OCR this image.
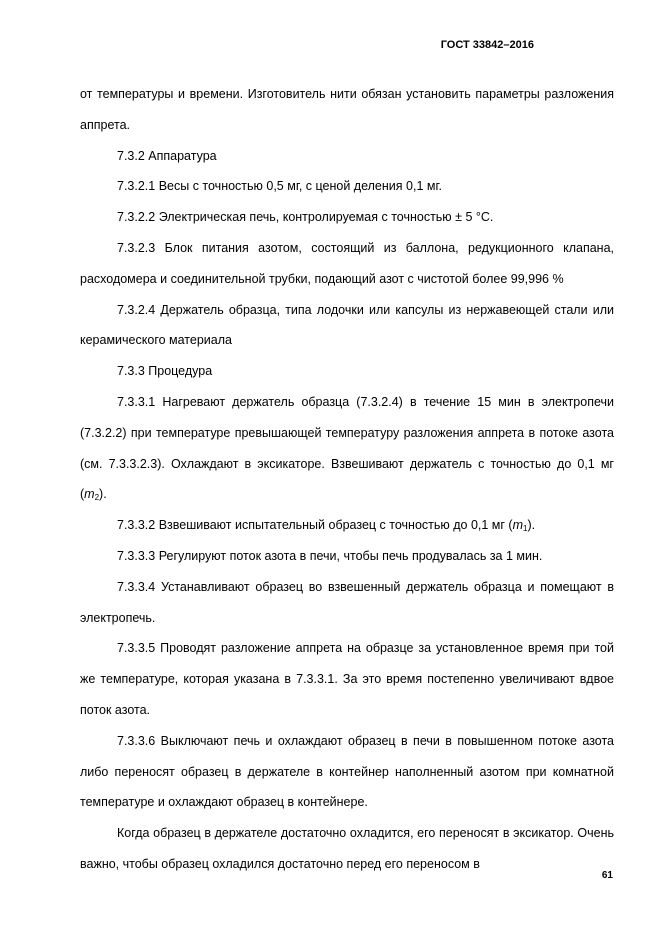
ГОСТ 33842–2016

от температуры и времени. Изготовитель нити обязан установить параметры разложения аппрета.

7.3.2 Аппаратура

7.3.2.1 Весы с точностью 0,5 мг, с ценой деления 0,1 мг.

7.3.2.2 Электрическая печь, контролируемая с точностью ± 5 °С.

7.3.2.3 Блок питания азотом, состоящий из баллона, редукционного клапана, расходомера и соединительной трубки, подающий азот с чистотой более 99,996 %

7.3.2.4 Держатель образца, типа лодочки или капсулы из нержавеющей стали или керамического материала

7.3.3 Процедура

7.3.3.1 Нагревают держатель образца (7.3.2.4) в течение 15 мин в электропечи (7.3.2.2) при температуре превышающей температуру разложения аппрета в потоке азота (см. 7.3.3.2.3). Охлаждают в эксикаторе. Взвешивают держатель с точностью до 0,1 мг $(m_2)$.

7.3.3.2 Взвешивают испытательный образец с точностью до 0,1 мг $(m_1)$.

7.3.3.3 Регулируют поток азота в печи, чтобы печь продувалась за 1 мин.

7.3.3.4 Устанавливают образец во взвешенный держатель образца и помещают в электропечь.

7.3.3.5 Проводят разложение аппрета на образце за установленное время при той же температуре, которая указана в 7.3.3.1. За это время постепенно увеличивают вдвое поток азота.

7.3.3.6 Выключают печь и охлаждают образец в печи в повышенном потоке азота либо переносят образец в держателе в контейнер наполненный азотом при комнатной температуре и охлаждают образец в контейнере.

Когда образец в держателе достаточно охладится, его переносят в эксикатор. Очень важно, чтобы образец охладился достаточно перед его переносом в

61
